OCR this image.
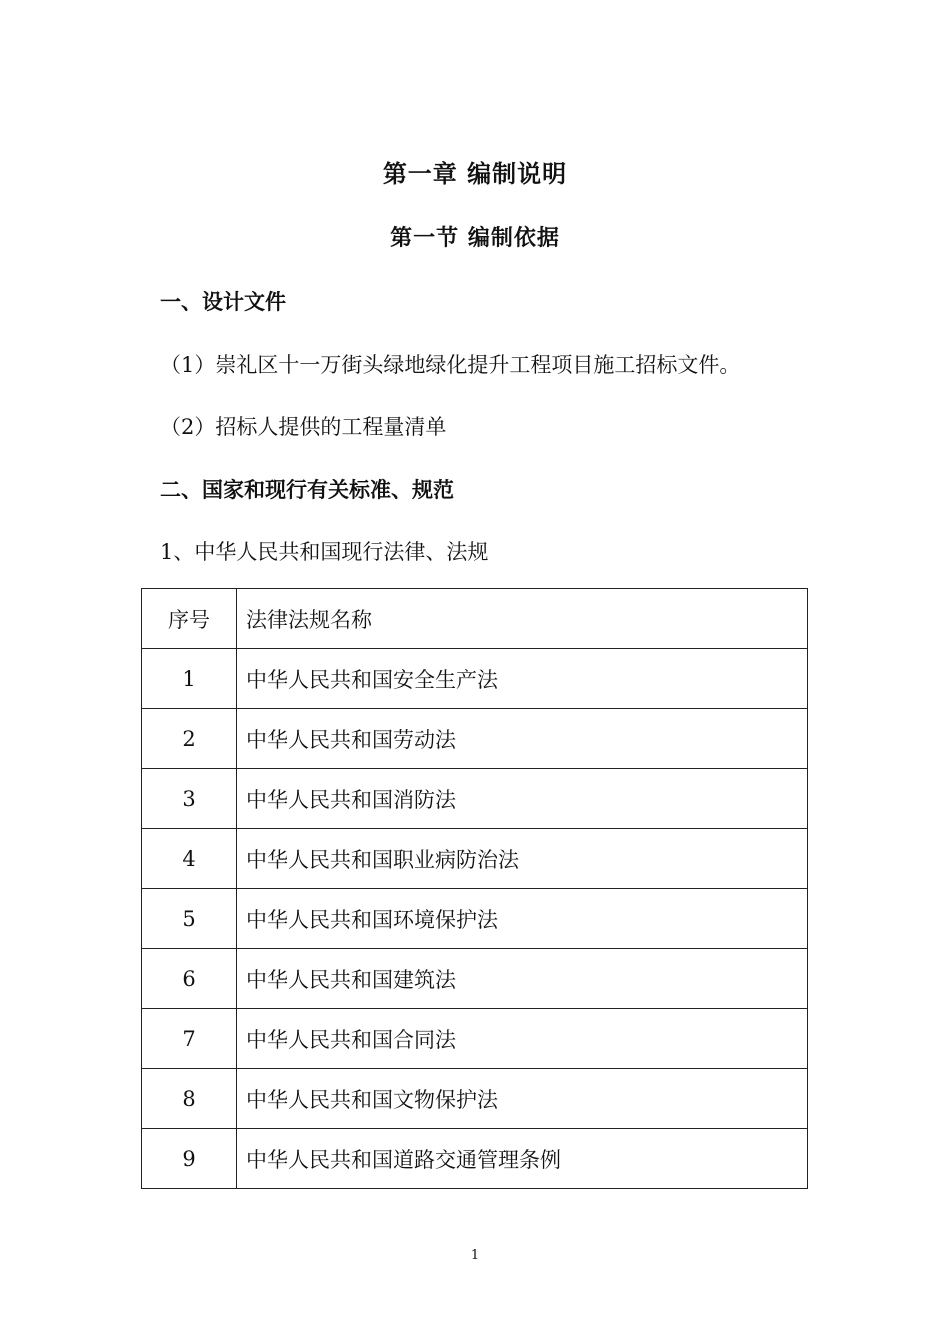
第一章 编制说明
第一节 编制依据
一、设计文件
（1）崇礼区十一万街头绿地绿化提升工程项目施工招标文件。
（2）招标人提供的工程量清单
二、国家和现行有关标准、规范
1、中华人民共和国现行法律、法规
序号	法律法规名称
1	中华人民共和国安全生产法
2	中华人民共和国劳动法
3	中华人民共和国消防法
4	中华人民共和国职业病防治法
5	中华人民共和国环境保护法
6	中华人民共和国建筑法
7	中华人民共和国合同法
8	中华人民共和国文物保护法
9	中华人民共和国道路交通管理条例
1
